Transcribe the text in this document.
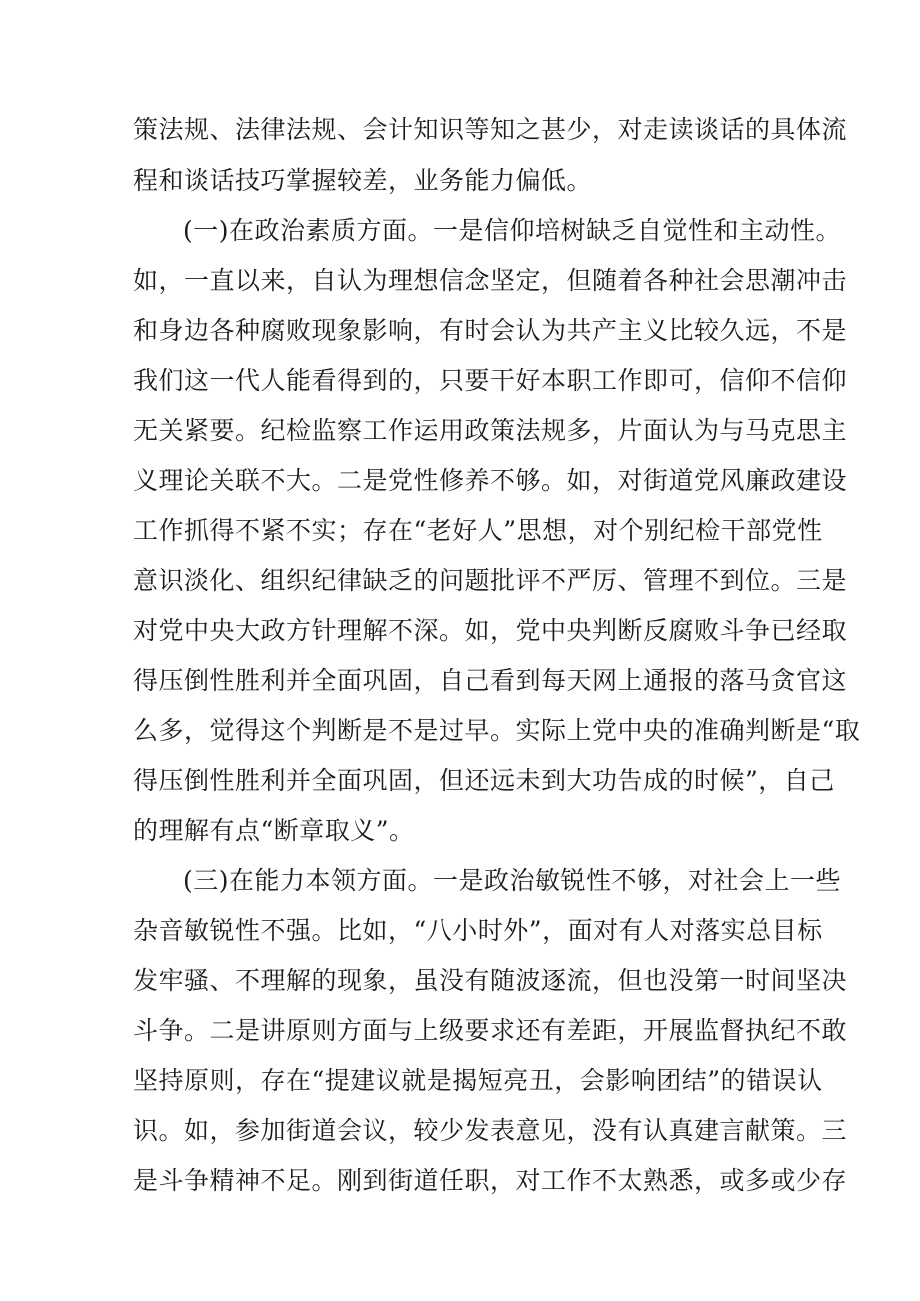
策法规、法律法规、会计知识等知之甚少，对走读谈话的具体流
程和谈话技巧掌握较差，业务能力偏低。
(一)在政治素质方面。一是信仰培树缺乏自觉性和主动性。
如，一直以来，自认为理想信念坚定，但随着各种社会思潮冲击
和身边各种腐败现象影响，有时会认为共产主义比较久远，不是
我们这一代人能看得到的，只要干好本职工作即可，信仰不信仰
无关紧要。纪检监察工作运用政策法规多，片面认为与马克思主
义理论关联不大。二是党性修养不够。如，对街道党风廉政建设
工作抓得不紧不实；存在“老好人”思想，对个别纪检干部党性
意识淡化、组织纪律缺乏的问题批评不严厉、管理不到位。三是
对党中央大政方针理解不深。如，党中央判断反腐败斗争已经取
得压倒性胜利并全面巩固，自己看到每天网上通报的落马贪官这
么多，觉得这个判断是不是过早。实际上党中央的准确判断是“取
得压倒性胜利并全面巩固，但还远未到大功告成的时候”，自己
的理解有点“断章取义”。
(三)在能力本领方面。一是政治敏锐性不够，对社会上一些
杂音敏锐性不强。比如，“八小时外”，面对有人对落实总目标
发牢骚、不理解的现象，虽没有随波逐流，但也没第一时间坚决
斗争。二是讲原则方面与上级要求还有差距，开展监督执纪不敢
坚持原则，存在“提建议就是揭短亮丑，会影响团结”的错误认
识。如，参加街道会议，较少发表意见，没有认真建言献策。三
是斗争精神不足。刚到街道任职，对工作不太熟悉，或多或少存
